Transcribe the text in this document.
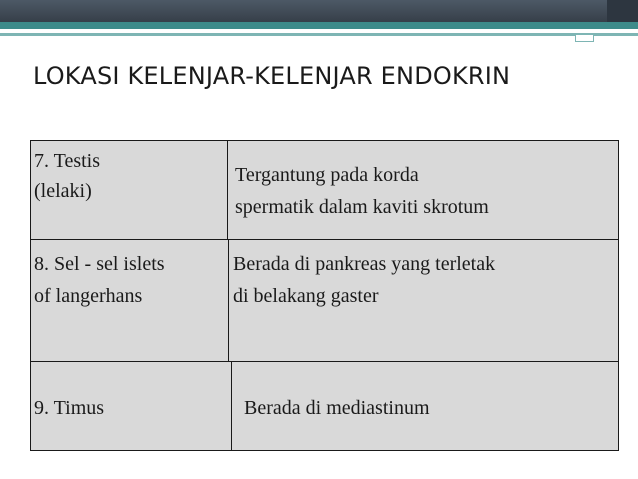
LOKASI KELENJAR-KELENJAR ENDOKRIN
7. Testis
(lelaki)
Tergantung pada korda
spermatik dalam kaviti skrotum
8. Sel - sel islets
of langerhans
Berada di pankreas yang terletak
di belakang gaster
9. Timus	Berada di mediastinum
